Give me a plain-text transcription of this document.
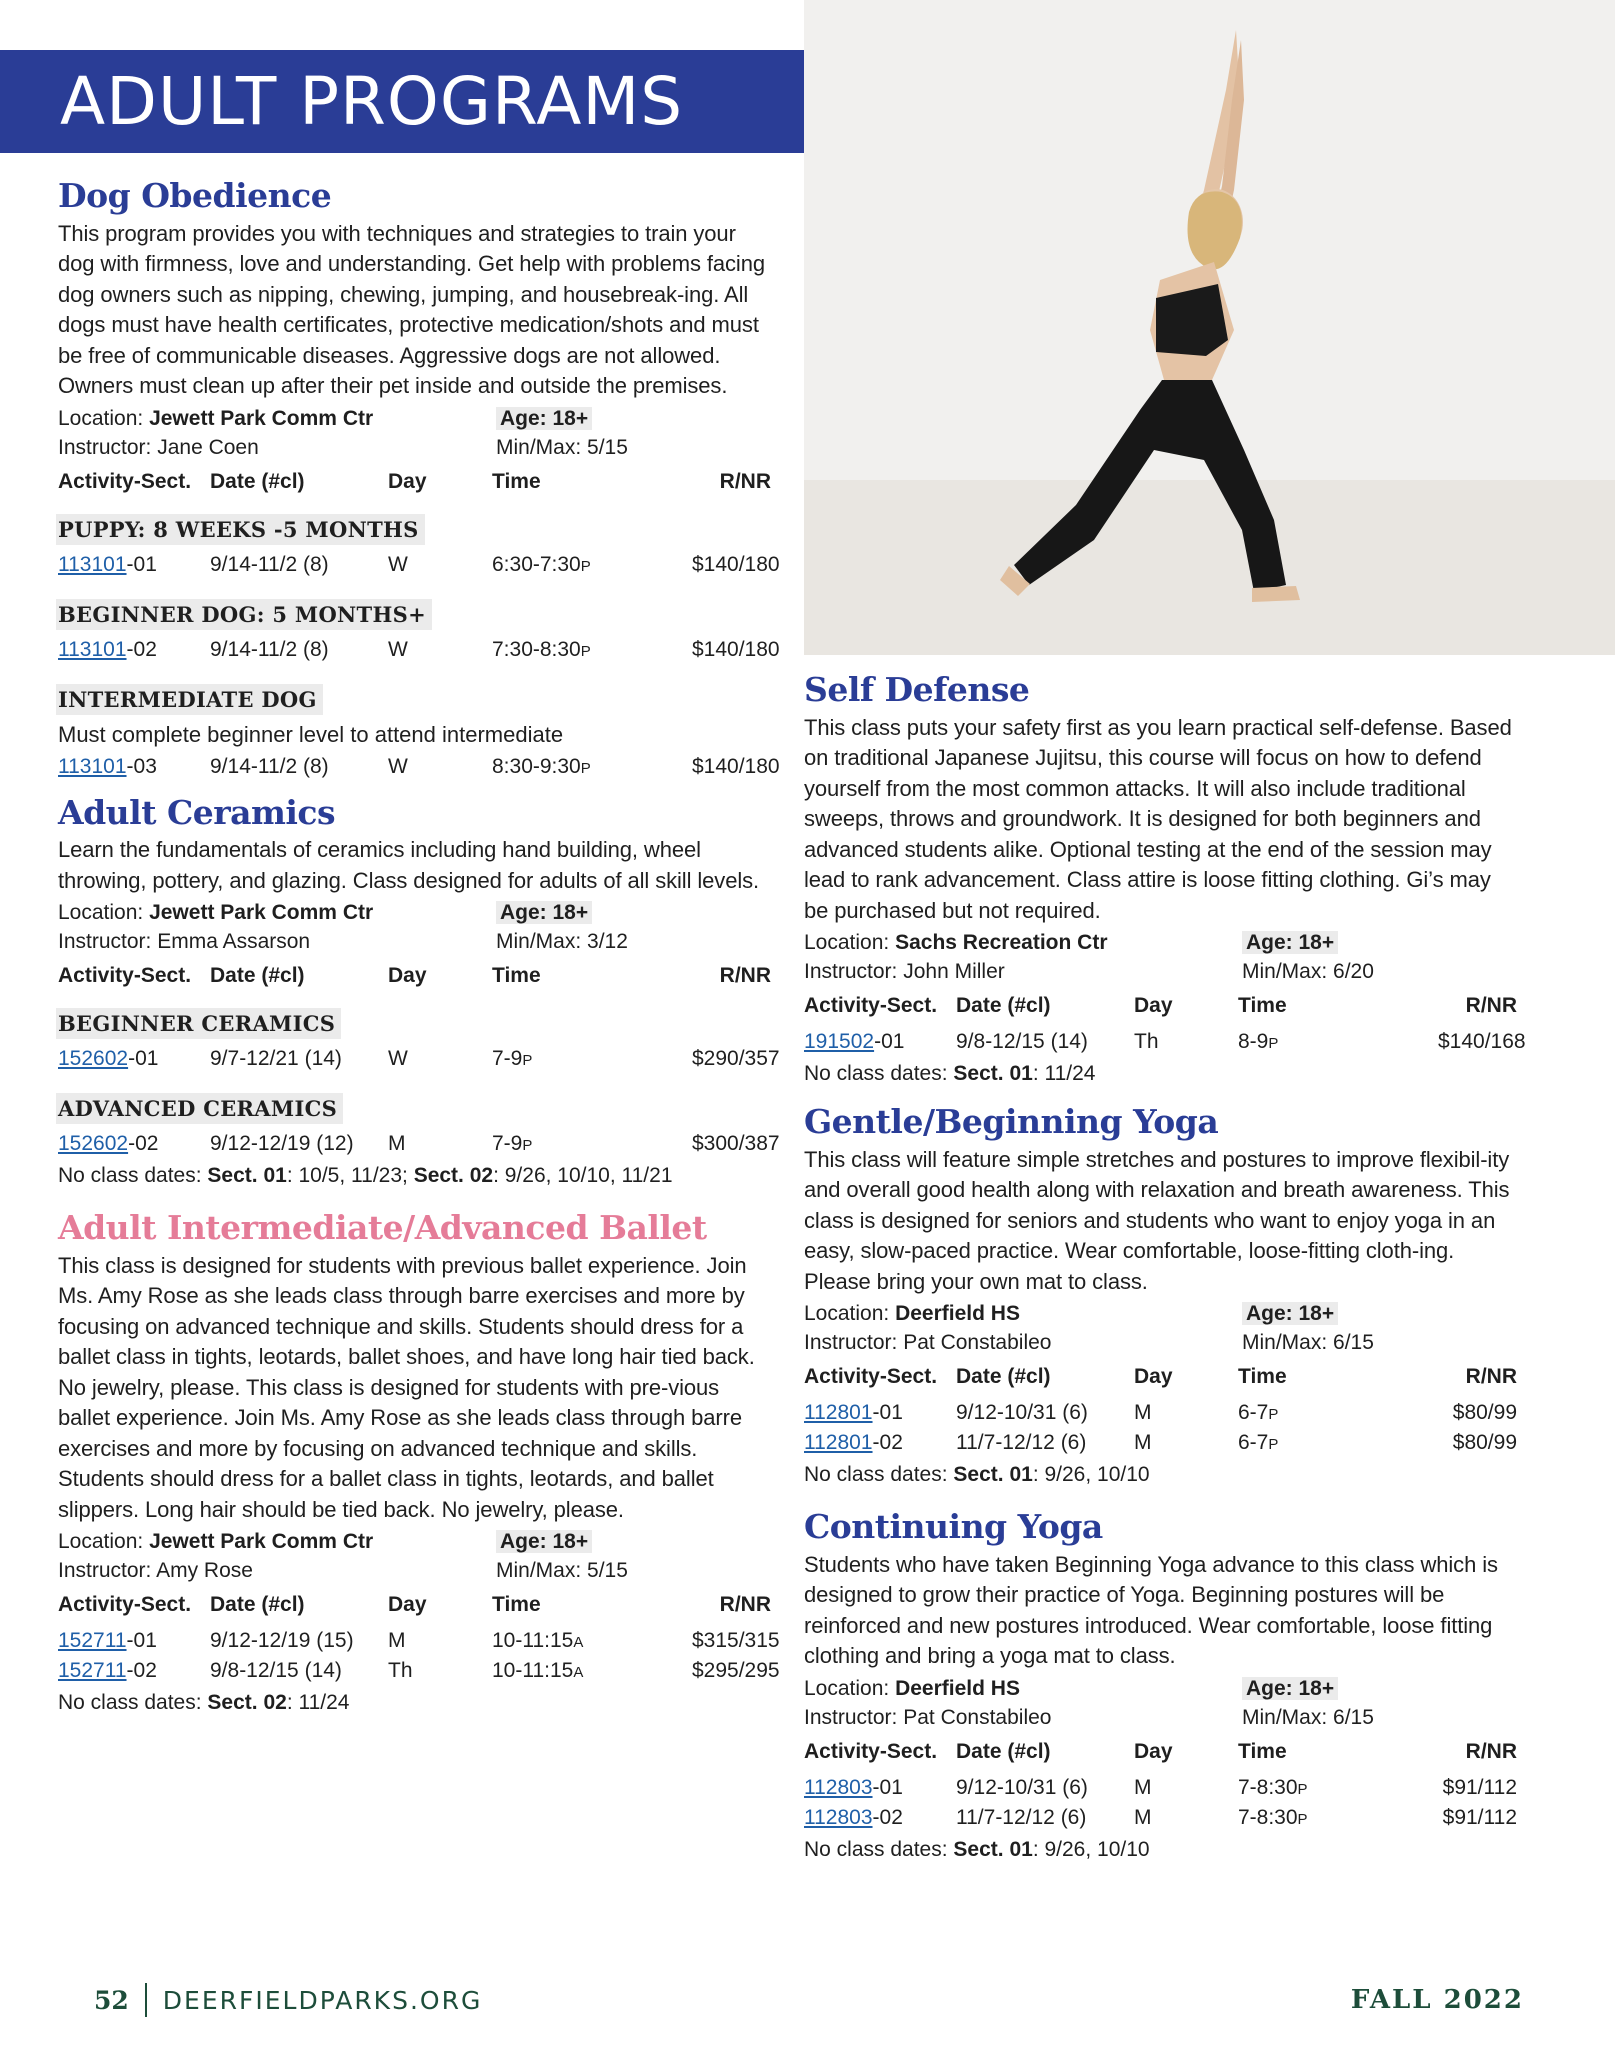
ADULT PROGRAMS
Dog Obedience

This program provides you with techniques and strategies to train your dog with firmness, love and understanding. Get help with problems facing dog owners such as nipping, chewing, jumping, and housebreak-ing. All dogs must have health certificates, protective medication/shots and must be free of communicable diseases. Aggressive dogs are not allowed. Owners must clean up after their pet inside and outside the premises.

Location: Jewett Park Comm Ctr	Age: 18+
Instructor: Jane Coen	Min/Max: 5/15
Activity-Sect. Date (#cl)	Day	Time	R/NR
PUPPY: 8 WEEKS -5 MONTHS
113101-01	9/14-11/2 (8)	W	6:30-7:30P	$140/180
BEGINNER DOG: 5 MONTHS+
113101-02	9/14-11/2 (8)	W	7:30-8:30P	$140/180
INTERMEDIATE DOG

Must complete beginner level to attend intermediate

113101-03	9/14-11/2 (8)	W	8:30-9:30P	$140/180
Adult Ceramics

Learn the fundamentals of ceramics including hand building, wheel throwing, pottery, and glazing. Class designed for adults of all skill levels.

Location: Jewett Park Comm Ctr	Age: 18+
Instructor: Emma Assarson	Min/Max: 3/12
Activity-Sect. Date (#cl)	Day	Time	R/NR
BEGINNER CERAMICS
152602-01	9/7-12/21 (14)	W	7-9P	$290/357
ADVANCED CERAMICS
152602-02	9/12-12/19 (12)	M	7-9P	$300/387

No class dates: Sect. 01: 10/5, 11/23; Sect. 02: 9/26, 10/10, 11/21

Adult Intermediate/Advanced Ballet

This class is designed for students with previous ballet experience. Join Ms. Amy Rose as she leads class through barre exercises and more by focusing on advanced technique and skills. Students should dress for a ballet class in tights, leotards, ballet shoes, and have long hair tied back. No jewelry, please. This class is designed for students with pre-vious ballet experience. Join Ms. Amy Rose as she leads class through barre exercises and more by focusing on advanced technique and skills. Students should dress for a ballet class in tights, leotards, and ballet slippers. Long hair should be tied back. No jewelry, please.

Location: Jewett Park Comm Ctr	Age: 18+
Instructor: Amy Rose	Min/Max: 5/15
Activity-Sect. Date (#cl)	Day	Time	R/NR
152711-01	9/12-12/19 (15)	M	10-11:15A	$315/315
152711-02	9/8-12/15 (14)	Th	10-11:15A	$295/295

No class dates: Sect. 02: 11/24

Self Defense

This class puts your safety first as you learn practical self-defense. Based on traditional Japanese Jujitsu, this course will focus on how to defend yourself from the most common attacks. It will also include traditional sweeps, throws and groundwork. It is designed for both beginners and advanced students alike. Optional testing at the end of the session may lead to rank advancement. Class attire is loose fitting clothing. Gi’s may be purchased but not required.

Location: Sachs Recreation Ctr	Age: 18+
Instructor: John Miller	Min/Max: 6/20
Activity-Sect. Date (#cl)	Day	Time	R/NR
191502-01	9/8-12/15 (14)	Th	8-9P	$140/168

No class dates: Sect. 01: 11/24

Gentle/Beginning Yoga

This class will feature simple stretches and postures to improve flexibil-ity and overall good health along with relaxation and breath awareness. This class is designed for seniors and students who want to enjoy yoga in an easy, slow-paced practice. Wear comfortable, loose-fitting cloth-ing. Please bring your own mat to class.

Location: Deerfield HS	Age: 18+
Instructor: Pat Constabileo	Min/Max: 6/15
Activity-Sect. Date (#cl)	Day	Time	R/NR
112801-01	9/12-10/31 (6)	M	6-7P	$80/99
112801-02	11/7-12/12 (6)	M	6-7P	$80/99

No class dates: Sect. 01: 9/26, 10/10

Continuing Yoga

Students who have taken Beginning Yoga advance to this class which is designed to grow their practice of Yoga. Beginning postures will be reinforced and new postures introduced. Wear comfortable, loose fitting clothing and bring a yoga mat to class.

Location: Deerfield HS	Age: 18+
Instructor: Pat Constabileo	Min/Max: 6/15
Activity-Sect. Date (#cl)	Day	Time	R/NR
112803-01	9/12-10/31 (6)	M	7-8:30P	$91/112
112803-02	11/7-12/12 (6)	M	7-8:30P	$91/112

No class dates: Sect. 01: 9/26, 10/10

52 DEERFIELDPARKS.ORG	FALL 2022
